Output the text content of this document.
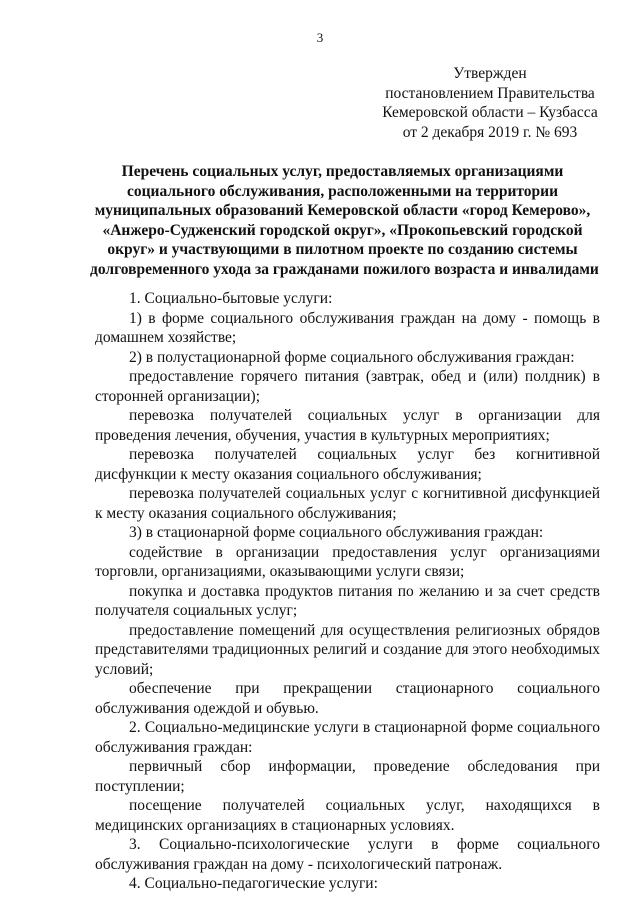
3
Утвержден
постановлением Правительства
Кемеровской области – Кузбасса
от 2 декабря 2019 г. № 693
Перечень социальных услуг, предоставляемых организациями
социального обслуживания, расположенными на территории
муниципальных образований Кемеровской области «город Кемерово»,
«Анжеро-Судженский городской округ», «Прокопьевский городской
округ» и участвующими в пилотном проекте по созданию системы
долговременного ухода за гражданами пожилого возраста и инвалидами

1. Социально-бытовые услуги:

1) в форме социального обслуживания граждан на дому - помощь в домашнем хозяйстве;

2) в полустационарной форме социального обслуживания граждан:

предоставление горячего питания (завтрак, обед и (или) полдник) в сторонней организации);

перевозка получателей социальных услуг в организации для проведения лечения, обучения, участия в культурных мероприятиях;

перевозка получателей социальных услуг без когнитивной дисфункции к месту оказания социального обслуживания;

перевозка получателей социальных услуг с когнитивной дисфункцией к месту оказания социального обслуживания;

3) в стационарной форме социального обслуживания граждан:

содействие в организации предоставления услуг организациями торговли, организациями, оказывающими услуги связи;

покупка и доставка продуктов питания по желанию и за счет средств получателя социальных услуг;

предоставление помещений для осуществления религиозных обрядов представителями традиционных религий и создание для этого необходимых условий;

обеспечение при прекращении стационарного социального обслуживания одеждой и обувью.

2. Социально-медицинские услуги в стационарной форме социального обслуживания граждан:

первичный сбор информации, проведение обследования при поступлении;

посещение получателей социальных услуг, находящихся в медицинских организациях в стационарных условиях.

3. Социально-психологические услуги в форме социального обслуживания граждан на дому - психологический патронаж.

4. Социально-педагогические услуги:
